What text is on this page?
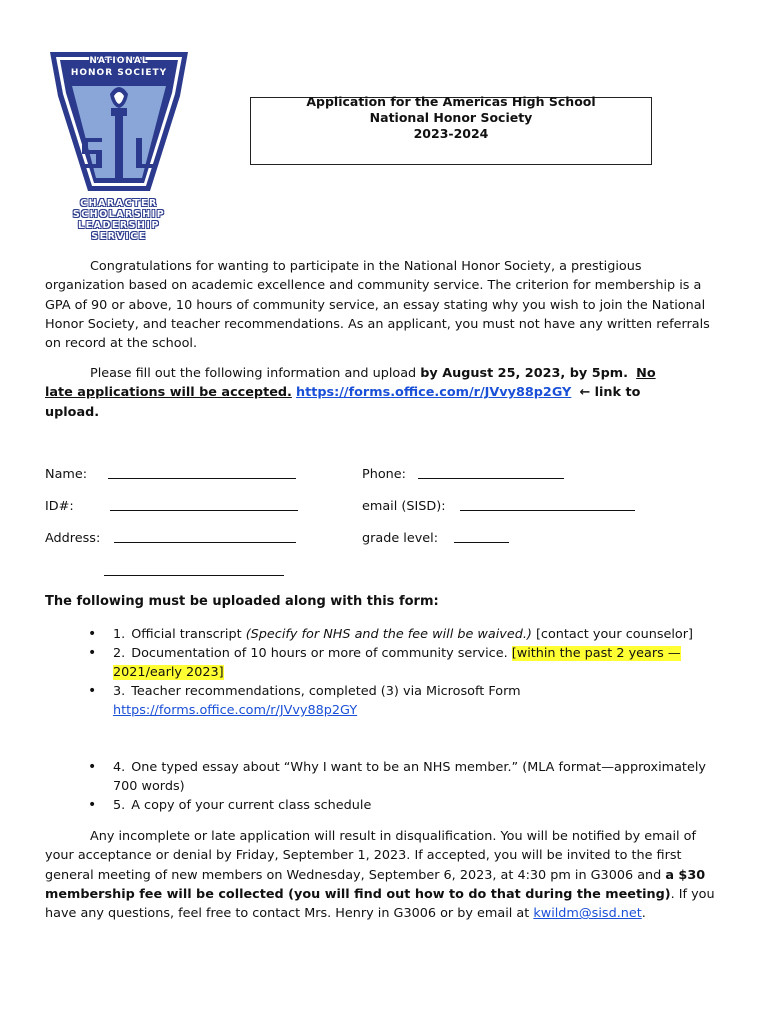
NATIONAL
HONOR SOCIETY
CHARACTER
SCHOLARSHIP
LEADERSHIP
SERVICE
Application for the Americas High School
National Honor Society
2023-2024
Congratulations for wanting to participate in the National Honor Society, a prestigious organization based on academic excellence and community service. The criterion for membership is a GPA of 90 or above, 10 hours of community service, an essay stating why you wish to join the National Honor Society, and teacher recommendations. As an applicant, you must not have any written referrals on record at the school.
Please fill out the following information and upload by August 25, 2023, by 5pm. No
late applications will be accepted. https://forms.office.com/r/JVvy88p2GY ← link to
upload.
Name:	Phone:
ID#:	email (SISD):
Address:	grade level:
The following must be uploaded along with this form:
• 1. Official transcript (Specify for NHS and the fee will be waived.) [contact your counselor]
• 2. Documentation of 10 hours or more of community service. [within the past 2 years —2021/early 2023]
• 3. Teacher recommendations, completed (3) via Microsoft Form
https://forms.office.com/r/JVvy88p2GY
• 4. One typed essay about “Why I want to be an NHS member.” (MLA format—approximately 700 words)
• 5. A copy of your current class schedule
Any incomplete or late application will result in disqualification. You will be notified by email of your acceptance or denial by Friday, September 1, 2023. If accepted, you will be invited to the first general meeting of new members on Wednesday, September 6, 2023, at 4:30 pm in G3006 and a $30 membership fee will be collected (you will find out how to do that during the meeting). If you have any questions, feel free to contact Mrs. Henry in G3006 or by email at kwildm@sisd.net.
